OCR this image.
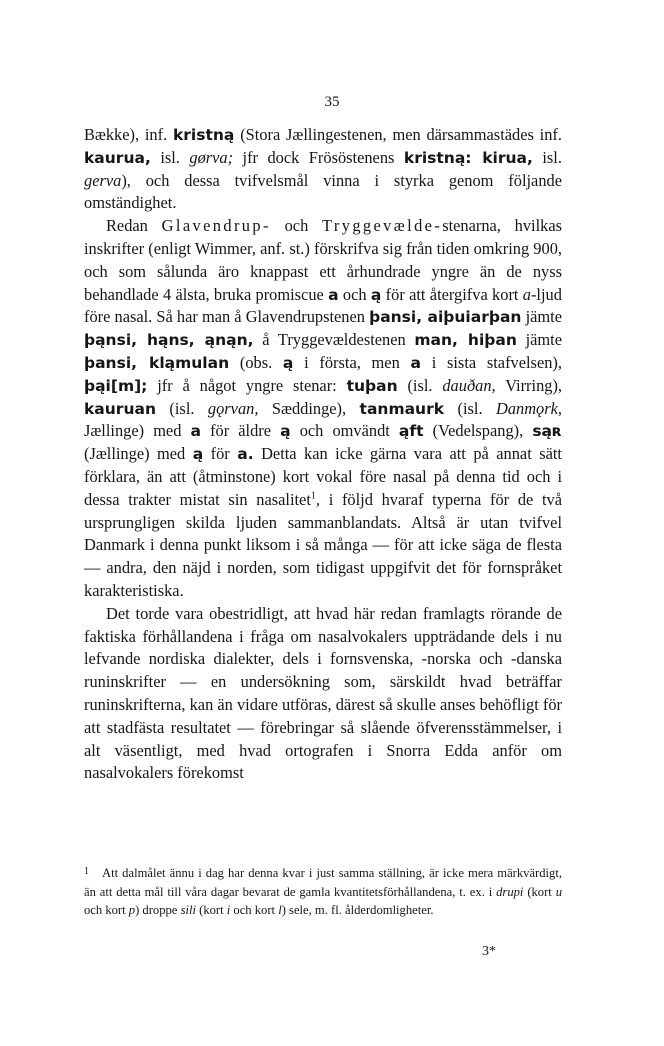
35

Bække), inf. kristną (Stora Jællingestenen, men därsammastädes inf. kaurua, isl. gørva; jfr dock Frösöstenens kristną: kirua, isl. gerva), och dessa tvifvelsmål vinna i styrka genom följande omständighet.

Redan Glavendrup- och Tryggevælde-stenarna, hvilkas inskrifter (enligt Wimmer, anf. st.) förskrifva sig från tiden omkring 900, och som sålunda äro knappast ett århundrade yngre än de nyss behandlade 4 älsta, bruka promiscue a och ą för att återgifva kort a-ljud före nasal. Så har man å Glavendrupstenen þansi, aiþuiarþan jämte þąnsi, hąns, ąnąn, å Tryggevældestenen man, hiþan jämte þansi, kląmulan (obs. ą i första, men a i sista stafvelsen), þąi[m]; jfr å något yngre stenar: tuþan (isl. dauðan, Virring), kauruan (isl. gǫrvan, Sæddinge), tanmaurk (isl. Danmǫrk, Jællinge) med a för äldre ą och omvändt ąft (Vedelspang), sąʀ (Jællinge) med ą för a. Detta kan icke gärna vara att på annat sätt förklara, än att (åtminstone) kort vokal före nasal på denna tid och i dessa trakter mistat sin nasalitet$^1$, i följd hvaraf typerna för de två ursprungligen skilda ljuden sammanblandats. Altså är utan tvifvel Danmark i denna punkt liksom i så många — för att icke säga de flesta — andra, den näjd i norden, som tidigast uppgifvit det för fornspråket karakteristiska.

Det torde vara obestridligt, att hvad här redan framlagts rörande de faktiska förhållandena i fråga om nasalvokalers uppträdande dels i nu lefvande nordiska dialekter, dels i fornsvenska, -norska och -danska runinskrifter — en undersökning som, särskildt hvad beträffar runinskrifterna, kan än vidare utföras, därest så skulle anses behöfligt för att stadfästa resultatet — förebringar så slående öfverensstämmelser, i alt väsentligt, med hvad ortografen i Snorra Edda anför om nasalvokalers förekomst

1 Att dalmålet ännu i dag har denna kvar i just samma ställning, är icke mera märkvärdigt, än att detta mål till våra dagar bevarat de gamla kvantitetsförhållandena, t. ex. i drupi (kort u och kort p) droppe sili (kort i och kort l) sele, m. fl. ålderdomligheter.
3*
